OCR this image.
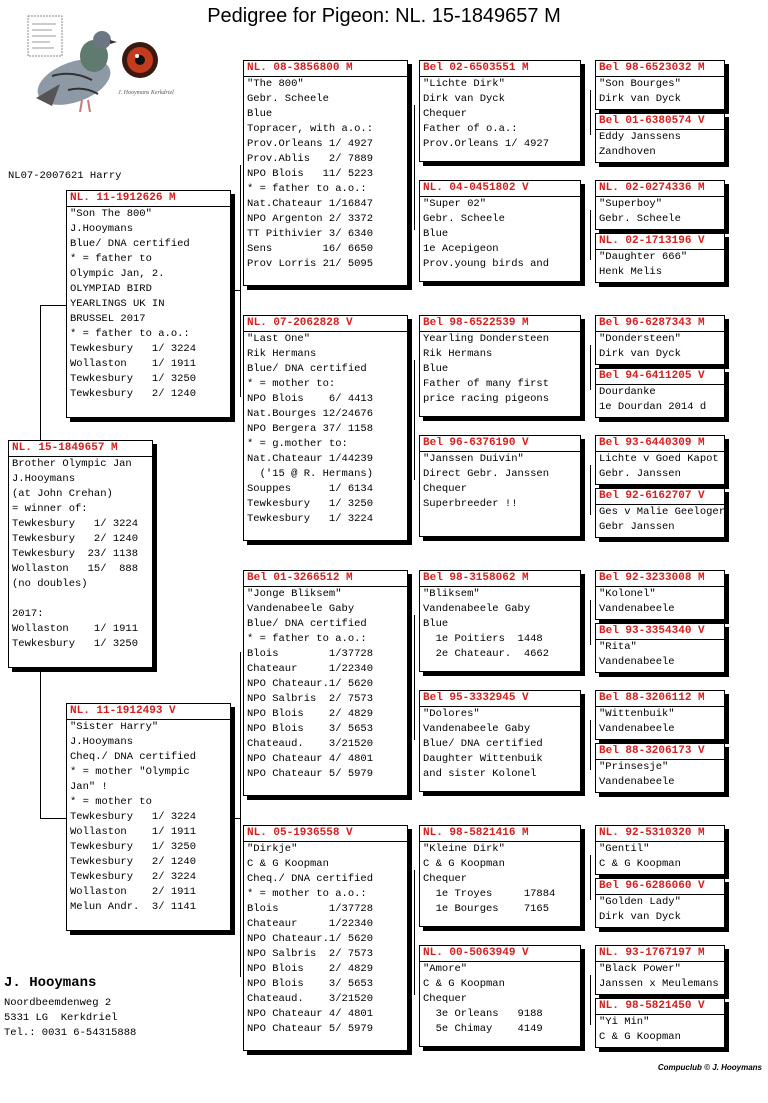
Pedigree for Pigeon: NL. 15-1849657 M
J. Hooymans Kerkdriel
NL07-2007621 Harry
NL. 15-1849657 M
Brother Olympic Jan
J.Hooymans
(at John Crehan)
= winner of:
Tewkesbury   1/ 3224
Tewkesbury   2/ 1240
Tewkesbury  23/ 1138
Wollaston   15/  888
(no doubles)
2017:
Wollaston    1/ 1911
Tewkesbury   1/ 3250
NL. 11-1912626 M
"Son The 800"
J.Hooymans
Blue/ DNA certified
* = father to
Olympic Jan, 2.
OLYMPIAD BIRD
YEARLINGS UK IN
BRUSSEL 2017
* = father to a.o.:
Tewkesbury   1/ 3224
Wollaston    1/ 1911
Tewkesbury   1/ 3250
Tewkesbury   2/ 1240
NL. 11-1912493 V
"Sister Harry"
J.Hooymans
Cheq./ DNA certified
* = mother "Olympic
Jan" !
* = mother to
Tewkesbury   1/ 3224
Wollaston    1/ 1911
Tewkesbury   1/ 3250
Tewkesbury   2/ 1240
Tewkesbury   2/ 3224
Wollaston    2/ 1911
Melun Andr.  3/ 1141
NL. 08-3856800 M
"The 800"
Gebr. Scheele
Blue
Topracer, with a.o.:
Prov.Orleans 1/ 4927
Prov.Ablis   2/ 7889
NPO Blois   11/ 5223
* = father to a.o.:
Nat.Chateaur 1/16847
NPO Argenton 2/ 3372
TT Pithivier 3/ 6340
Sens        16/ 6650
Prov Lorris 21/ 5095
NL. 07-2062828 V
"Last One"
Rik Hermans
Blue/ DNA certified
* = mother to:
NPO Blois    6/ 4413
Nat.Bourges 12/24676
NPO Bergera 37/ 1158
* = g.mother to:
Nat.Chateaur 1/44239
('15 @ R. Hermans)
Souppes      1/ 6134
Tewkesbury   1/ 3250
Tewkesbury   1/ 3224
Bel 01-3266512 M
"Jonge Bliksem"
Vandenabeele Gaby
Blue/ DNA certified
* = father to a.o.:
Blois        1/37728
Chateaur     1/22340
NPO Chateaur.1/ 5620
NPO Salbris  2/ 7573
NPO Blois    2/ 4829
NPO Blois    3/ 5653
Chateaud.    3/21520
NPO Chateaur 4/ 4801
NPO Chateaur 5/ 5979
NL. 05-1936558 V
"Dirkje"
C & G Koopman
Cheq./ DNA certified
* = mother to a.o.:
Blois        1/37728
Chateaur     1/22340
NPO Chateaur.1/ 5620
NPO Salbris  2/ 7573
NPO Blois    2/ 4829
NPO Blois    3/ 5653
Chateaud.    3/21520
NPO Chateaur 4/ 4801
NPO Chateaur 5/ 5979
Bel 02-6503551 M
"Lichte Dirk"
Dirk van Dyck
Chequer
Father of o.a.:
Prov.Orleans 1/ 4927
NL. 04-0451802 V
"Super 02"
Gebr. Scheele
Blue
1e Acepigeon
Prov.young birds and
Bel 98-6522539 M
Yearling Dondersteen
Rik Hermans
Blue
Father of many first
price racing pigeons
Bel 96-6376190 V
"Janssen Duivin"
Direct Gebr. Janssen
Chequer
Superbreeder !!
Bel 98-3158062 M
"Bliksem"
Vandenabeele Gaby
Blue
1e Poitiers  1448
2e Chateaur.  4662
Bel 95-3332945 V
"Dolores"
Vandenabeele Gaby
Blue/ DNA certified
Daughter Wittenbuik
and sister Kolonel
NL. 98-5821416 M
"Kleine Dirk"
C & G Koopman
Chequer
1e Troyes     17884
1e Bourges    7165
NL. 00-5063949 V
"Amore"
C & G Koopman
Chequer
3e Orleans   9188
5e Chimay    4149
Bel 98-6523032 M
"Son Bourges"
Dirk van Dyck
Bel 01-6380574 V
Eddy Janssens
Zandhoven
NL. 02-0274336 M
"Superboy"
Gebr. Scheele
NL. 02-1713196 V
"Daughter 666"
Henk Melis
Bel 96-6287343 M
"Dondersteen"
Dirk van Dyck
Bel 94-6411205 V
Dourdanke
1e Dourdan 2014 d
Bel 93-6440309 M
Lichte v Goed Kapot
Gebr. Janssen
Bel 92-6162707 V
Ges v Malie Geeloger
Gebr Janssen
Bel 92-3233008 M
"Kolonel"
Vandenabeele
Bel 93-3354340 V
"Rita"
Vandenabeele
Bel 88-3206112 M
"Wittenbuik"
Vandenabeele
Bel 88-3206173 V
"Prinsesje"
Vandenabeele
NL. 92-5310320 M
"Gentil"
C & G Koopman
Bel 96-6286060 V
"Golden Lady"
Dirk van Dyck
NL. 93-1767197 M
"Black Power"
Janssen x Meulemans
NL. 98-5821450 V
"Yi Min"
C & G Koopman
J. Hooymans
Noordbeemdenweg 2
5331 LG  Kerkdriel
Tel.: 0031 6-54315888
Compuclub © J. Hooymans
